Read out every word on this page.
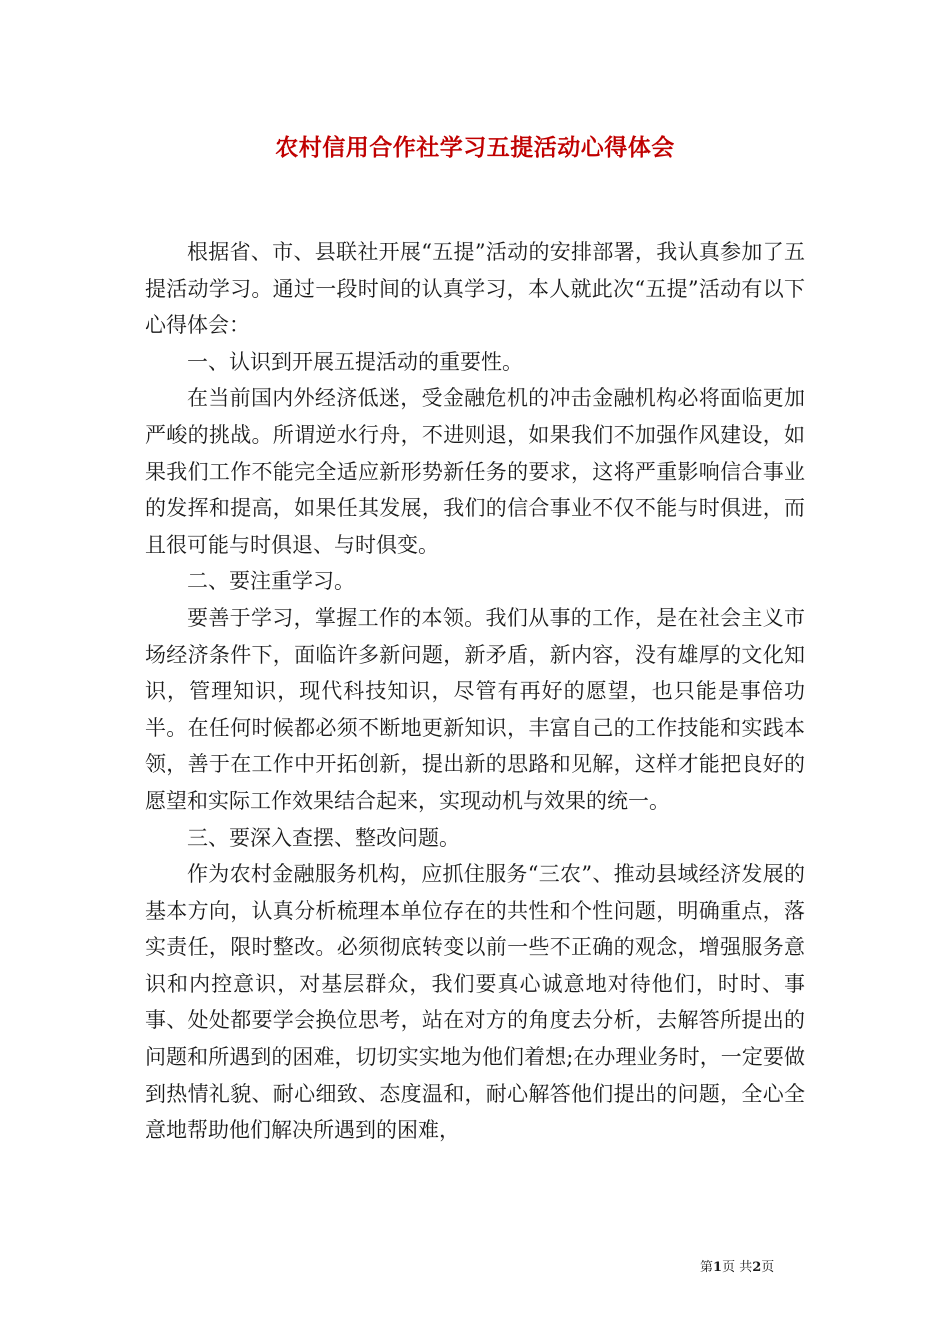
农村信用合作社学习五提活动心得体会

根据省、市、县联社开展“五提”活动的安排部署，我认真参加了五提活动学习。通过一段时间的认真学习，本人就此次“五提”活动有以下心得体会：

一、认识到开展五提活动的重要性。

在当前国内外经济低迷，受金融危机的冲击金融机构必将面临更加严峻的挑战。所谓逆水行舟，不进则退，如果我们不加强作风建设，如果我们工作不能完全适应新形势新任务的要求，这将严重影响信合事业的发挥和提高，如果任其发展，我们的信合事业不仅不能与时俱进，而且很可能与时俱退、与时俱变。

二、要注重学习。

要善于学习，掌握工作的本领。我们从事的工作，是在社会主义市场经济条件下，面临许多新问题，新矛盾，新内容，没有雄厚的文化知识，管理知识，现代科技知识，尽管有再好的愿望，也只能是事倍功半。在任何时候都必须不断地更新知识，丰富自己的工作技能和实践本领，善于在工作中开拓创新，提出新的思路和见解，这样才能把良好的愿望和实际工作效果结合起来，实现动机与效果的统一。

三、要深入查摆、整改问题。

作为农村金融服务机构，应抓住服务“三农”、推动县域经济发展的基本方向，认真分析梳理本单位存在的共性和个性问题，明确重点，落实责任，限时整改。必须彻底转变以前一些不正确的观念，增强服务意识和内控意识，对基层群众，我们要真心诚意地对待他们，时时、事事、处处都要学会换位思考，站在对方的角度去分析，去解答所提出的问题和所遇到的困难，切切实实地为他们着想;在办理业务时，一定要做到热情礼貌、耐心细致、态度温和，耐心解答他们提出的问题，全心全意地帮助他们解决所遇到的困难，

第1页 共2页
